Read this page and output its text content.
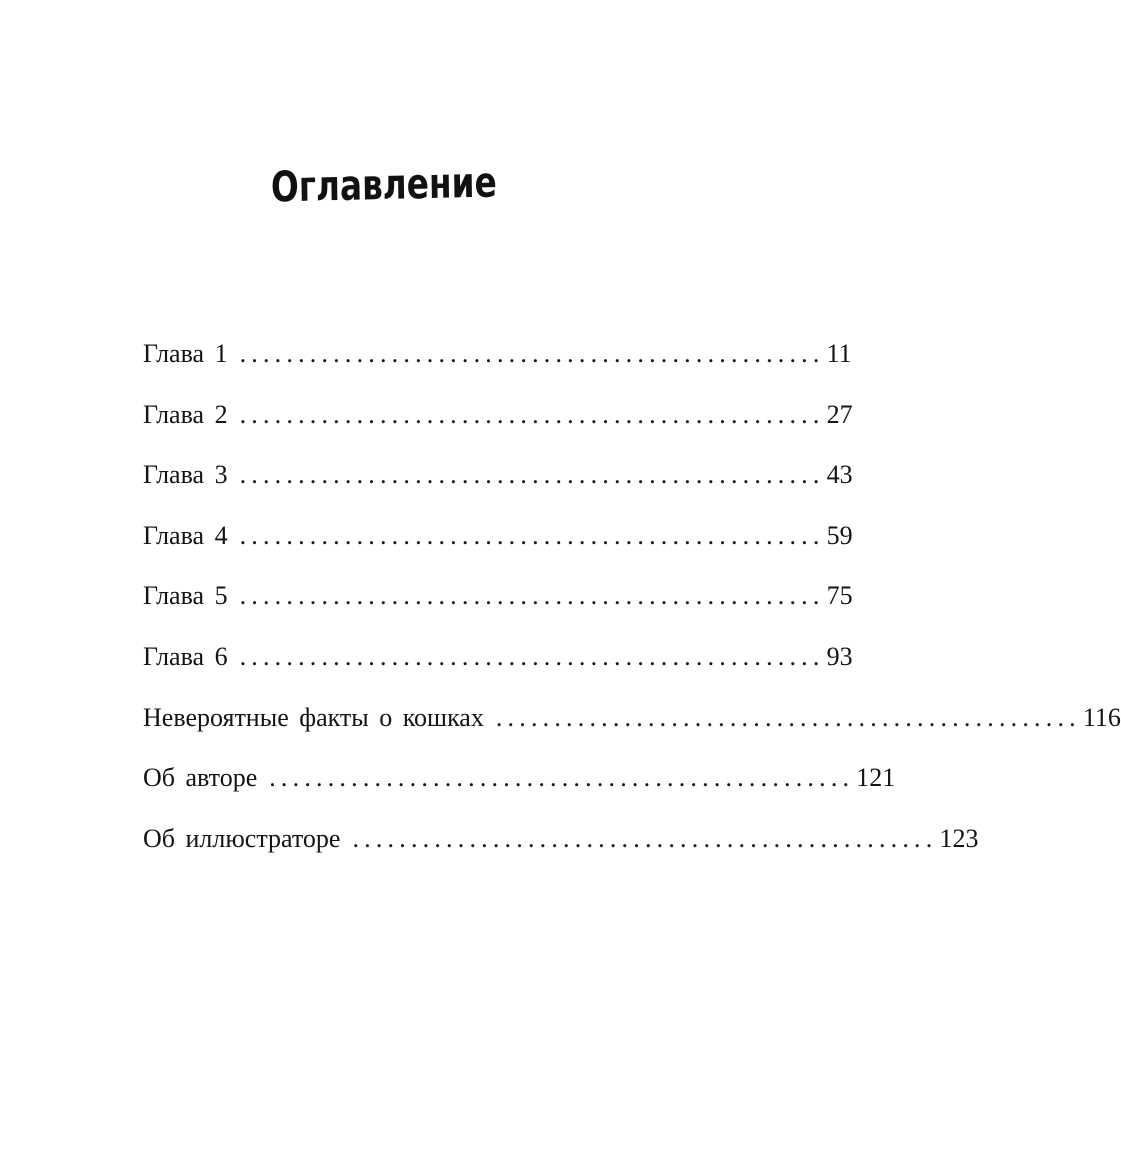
Оглавление
Глава 1 .................................................. 11
Глава 2 .................................................. 27
Глава 3 .................................................. 43
Глава 4 .................................................. 59
Глава 5 .................................................. 75
Глава 6 .................................................. 93
Невероятные факты о кошках .................................................. 116
Об авторе .................................................. 121
Об иллюстраторе .................................................. 123
